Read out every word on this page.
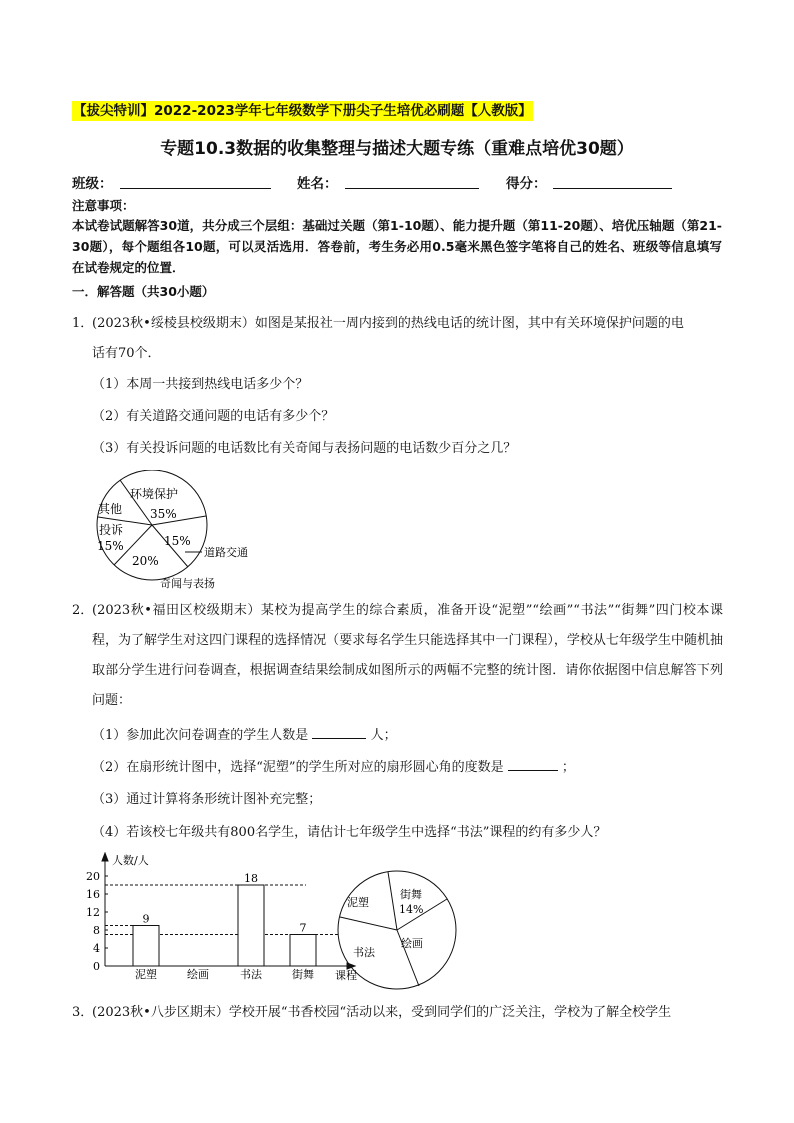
【拔尖特训】2022-2023学年七年级数学下册尖子生培优必刷题【人教版】
专题10.3数据的收集整理与描述大题专练（重难点培优30题）
班级：	姓名：	得分：
注意事项：
本试卷试题解答30道，共分成三个层组：基础过关题（第1-10题）、能力提升题（第11-20题）、培优压轴题（第21-30题），每个题组各10题，可以灵活选用．答卷前，考生务必用0.5毫米黑色签字笔将自己的姓名、班级等信息填写在试卷规定的位置．
一．解答题（共30小题）
1．
(2023秋•绥棱县校级期末）如图是某报社一周内接到的热线电话的统计图，其中有关环境保护问题的电
话有70个．
（1）本周一共接到热线电话多少个？
（2）有关道路交通问题的电话有多少个？
（3）有关投诉问题的电话数比有关奇闻与表扬问题的电话数少百分之几？
环境保护
35%
其他
投诉
15%
20%
15%
道路交通
奇闻与表扬
2．
(2023秋•福田区校级期末）某校为提高学生的综合素质，准备开设“泥塑”“绘画”“书法”“街舞”四门校本课程，为了解学生对这四门课程的选择情况（要求每名学生只能选择其中一门课程），学校从七年级学生中随机抽取部分学生进行问卷调查，根据调查结果绘制成如图所示的两幅不完整的统计图．请你依据图中信息解答下列问题：
（1）参加此次问卷调查的学生人数是	人；
（2）在扇形统计图中，选择“泥塑”的学生所对应的扇形圆心角的度数是	；
（3）通过计算将条形统计图补充完整；
（4）若该校七年级共有800名学生，请估计七年级学生中选择“书法”课程的约有多少人？
0
4
8
12
16
20
9
18
7
泥塑	绘画	书法	街舞
人数/人
课程
街舞
14%
泥塑
书法
绘画
3．
(2023秋•八步区期末）学校开展“书香校园“活动以来，受到同学们的广泛关注，学校为了解全校学生
